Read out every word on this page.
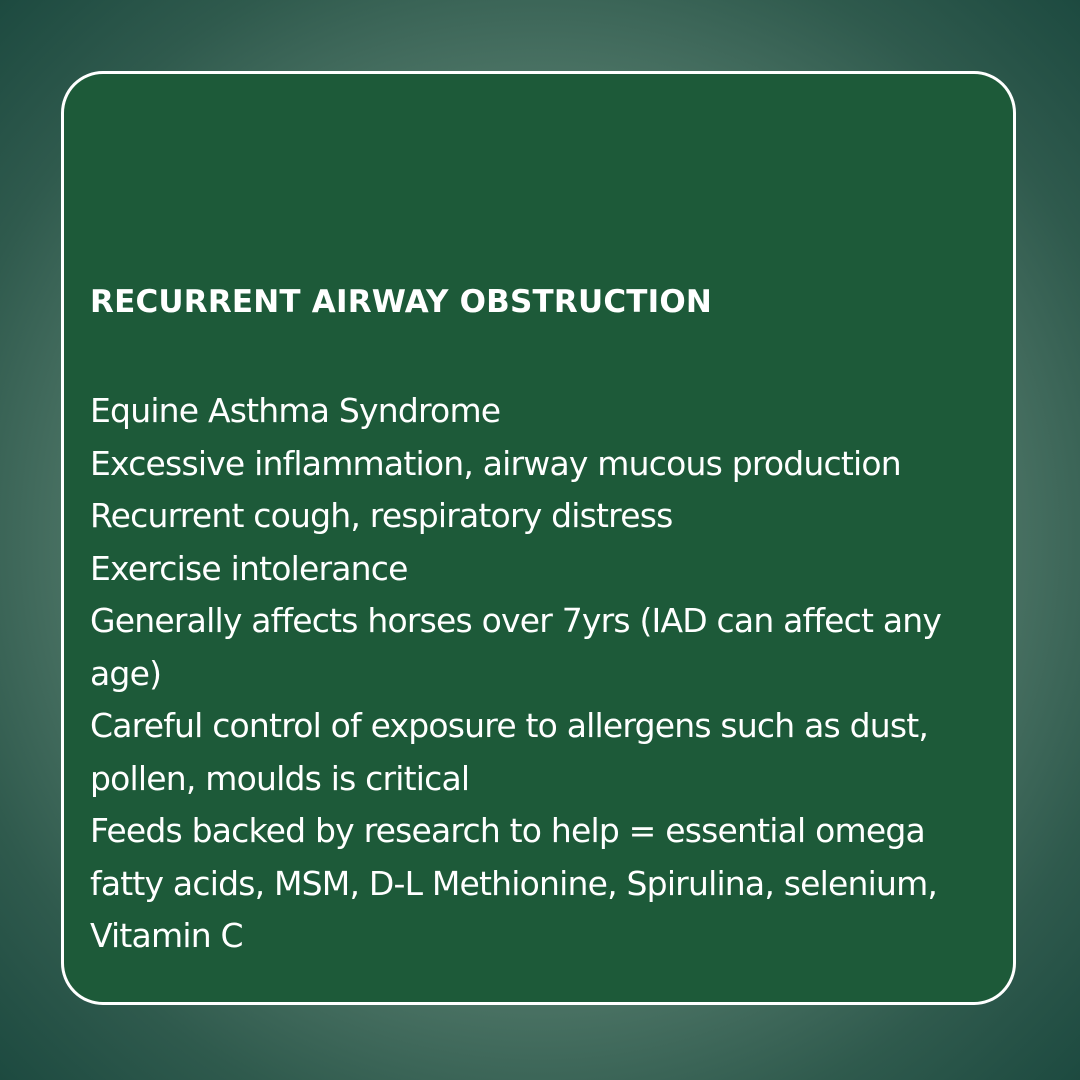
RECURRENT AIRWAY OBSTRUCTION
Equine Asthma Syndrome
Excessive inflammation, airway mucous production
Recurrent cough, respiratory distress
Exercise intolerance
Generally affects horses over 7yrs (IAD can affect any age)
Careful control of exposure to allergens such as dust, pollen, moulds is critical
Feeds backed by research to help = essential omega fatty acids, MSM, D-L Methionine, Spirulina, selenium, Vitamin C
